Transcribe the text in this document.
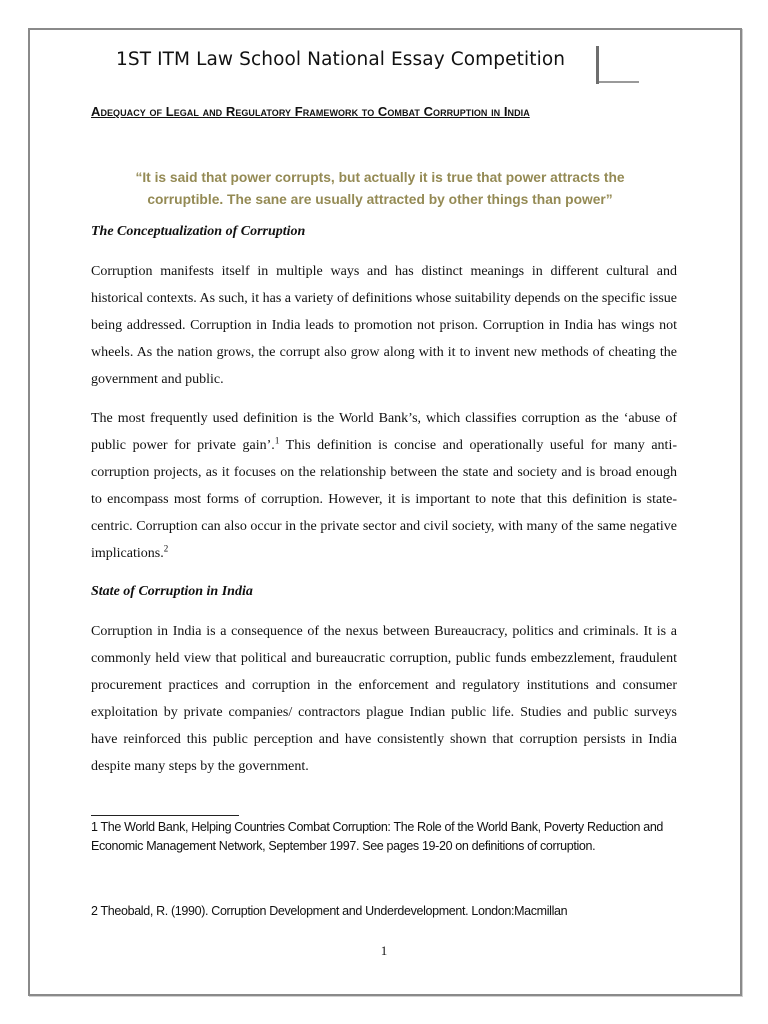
1ST ITM Law School National Essay Competition
Adequacy of Legal and Regulatory Framework to Combat Corruption in India
“It is said that power corrupts, but actually it is true that power attracts the corruptible. The sane are usually attracted by other things than power”
The Conceptualization of Corruption
Corruption manifests itself in multiple ways and has distinct meanings in different cultural and historical contexts. As such, it has a variety of definitions whose suitability depends on the specific issue being addressed. Corruption in India leads to promotion not prison. Corruption in India has wings not wheels. As the nation grows, the corrupt also grow along with it to invent new methods of cheating the government and public.
The most frequently used definition is the World Bank’s, which classifies corruption as the ‘abuse of public power for private gain’.$^1$ This definition is concise and operationally useful for many anti-corruption projects, as it focuses on the relationship between the state and society and is broad enough to encompass most forms of corruption. However, it is important to note that this definition is state-centric. Corruption can also occur in the private sector and civil society, with many of the same negative implications.$^2$
State of Corruption in India
Corruption in India is a consequence of the nexus between Bureaucracy, politics and criminals. It is a commonly held view that political and bureaucratic corruption, public funds embezzlement, fraudulent procurement practices and corruption in the enforcement and regulatory institutions and consumer exploitation by private companies/ contractors plague Indian public life. Studies and public surveys have reinforced this public perception and have consistently shown that corruption persists in India despite many steps by the government.
1 The World Bank, Helping Countries Combat Corruption: The Role of the World Bank, Poverty Reduction and Economic Management Network, September 1997. See pages 19-20 on definitions of corruption.
2 Theobald, R. (1990). Corruption Development and Underdevelopment. London:Macmillan
1
